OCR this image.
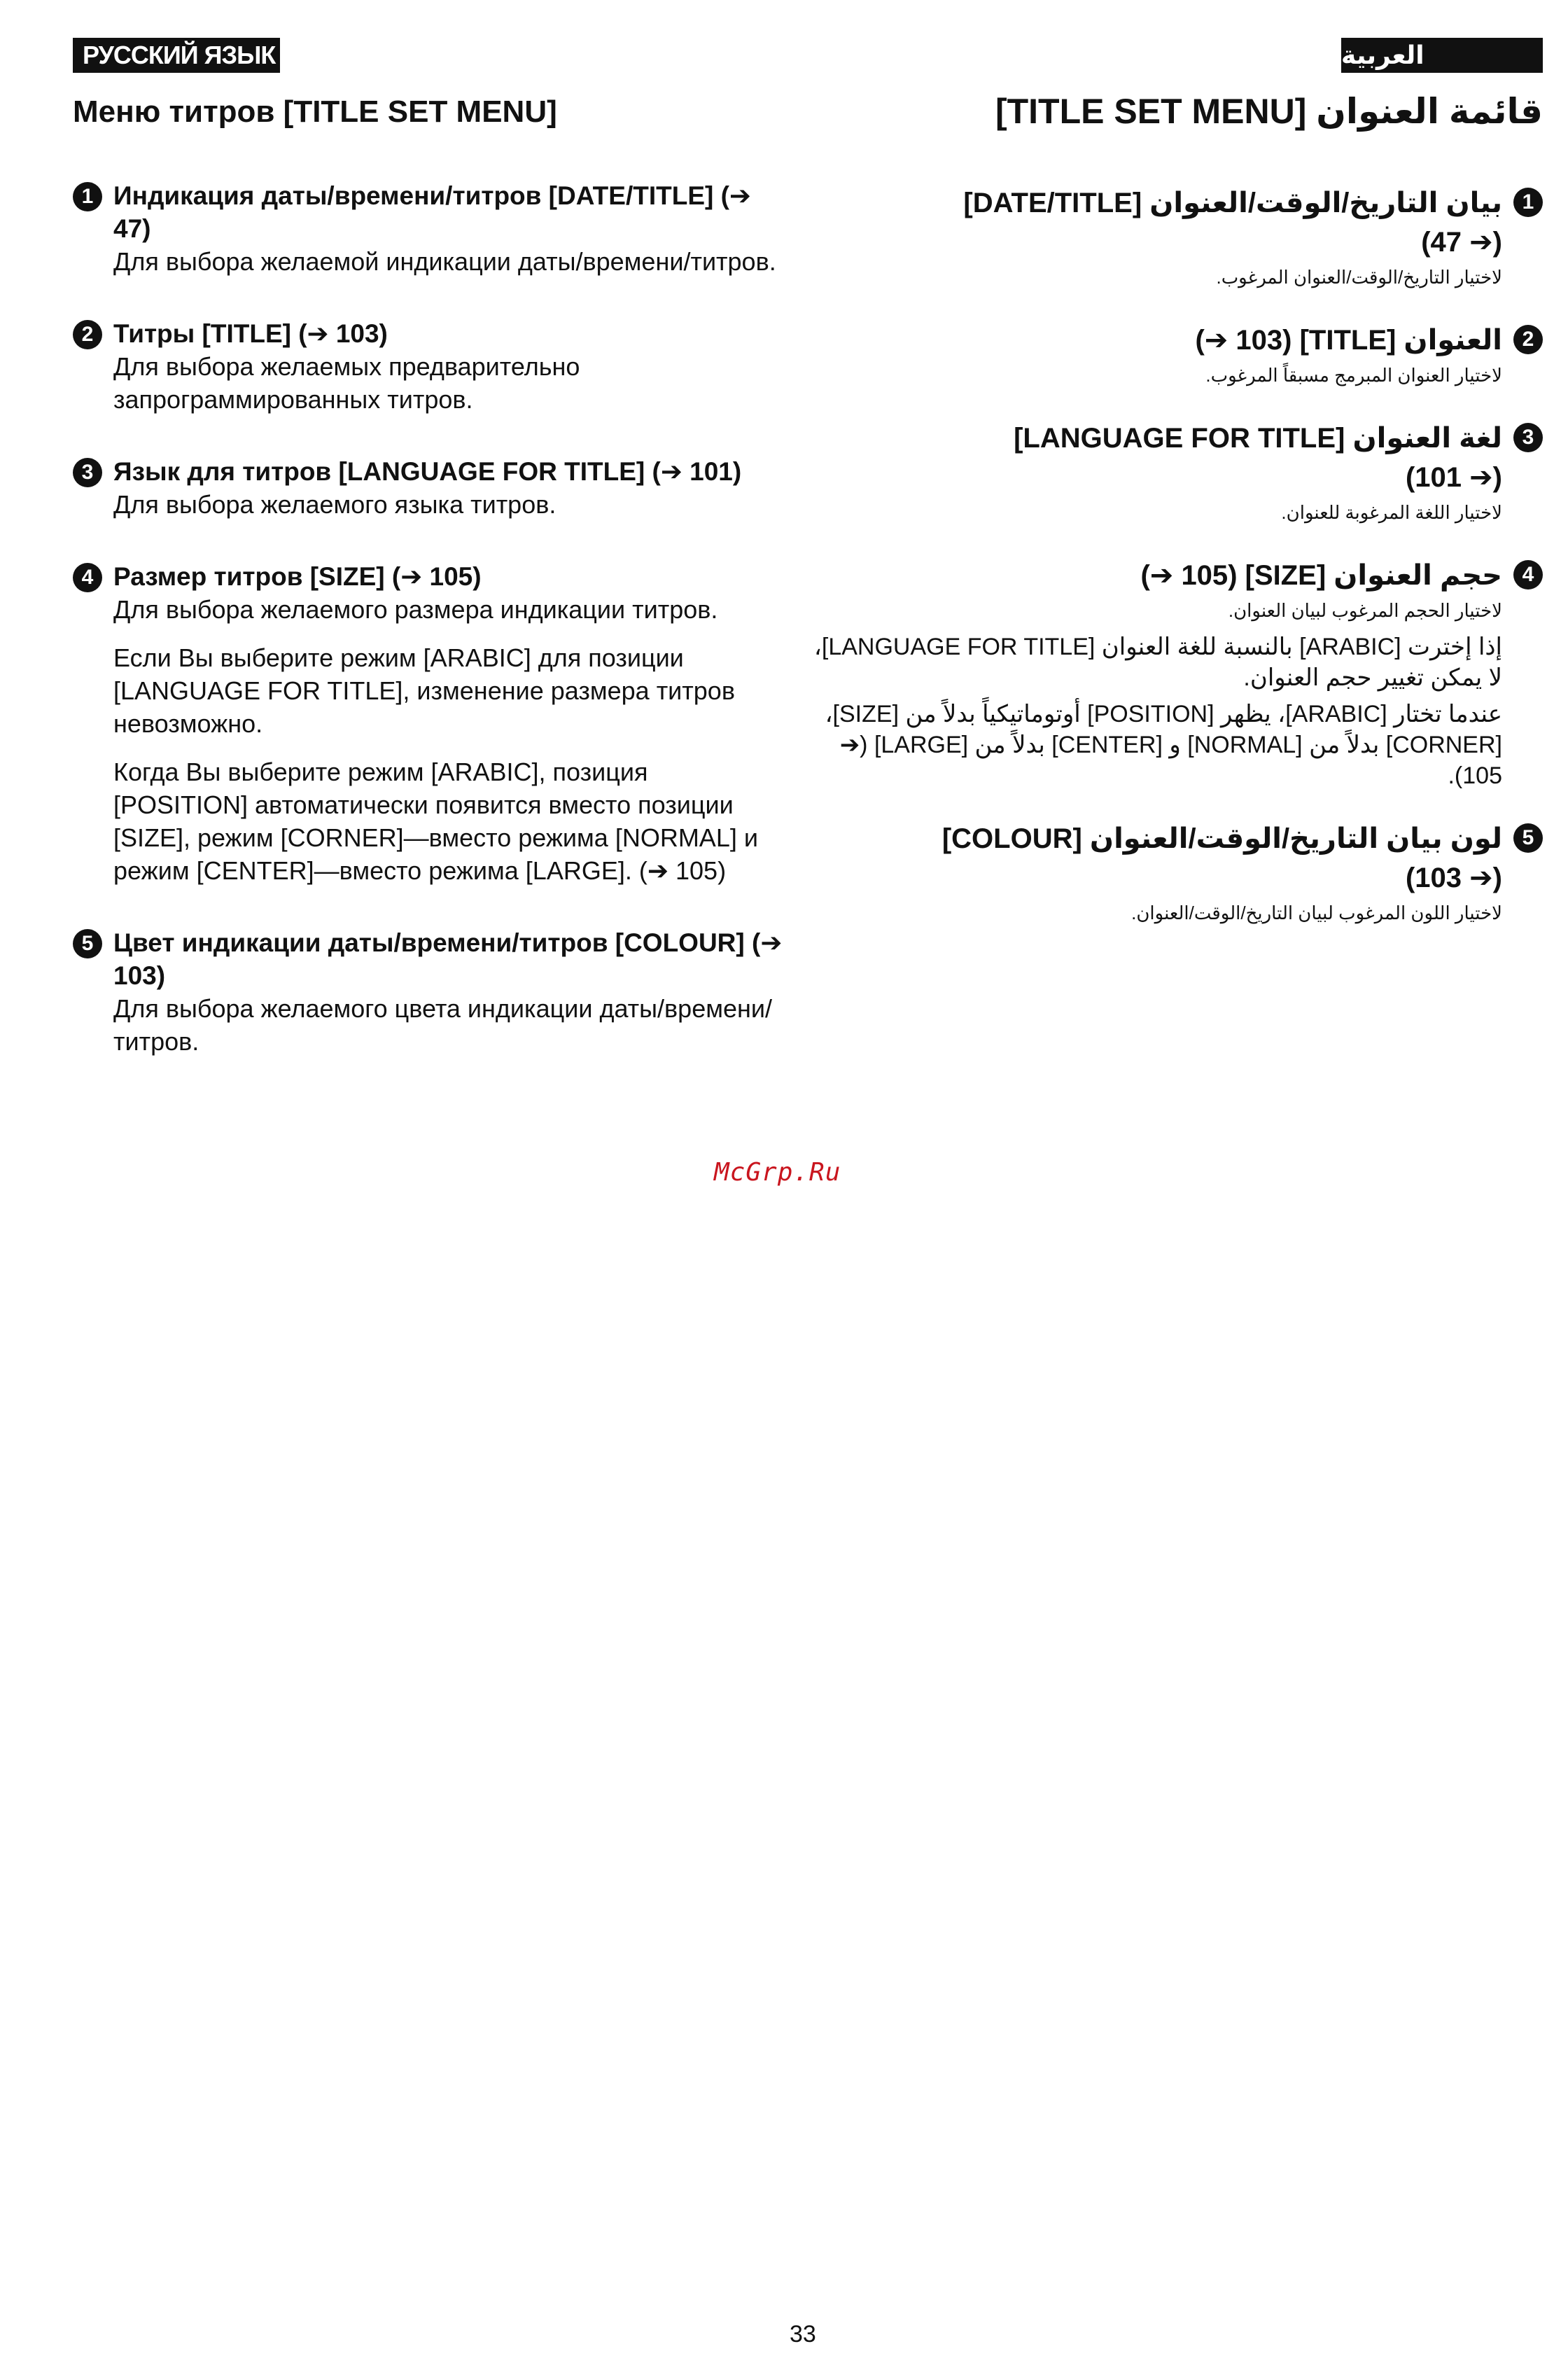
РУССКИЙ ЯЗЫК	العربية
Меню титров [TITLE SET MENU]
1 Индикация даты/времени/титров [DATE/TITLE] (➔ 47)

Для выбора желаемой индикации даты/времени/титров.

2 Титры [TITLE] (➔ 103)

Для выбора желаемых предварительно запрограммированных титров.

3 Язык для титров [LANGUAGE FOR TITLE] (➔ 101)

Для выбора желаемого языка титров.

4 Размер титров [SIZE] (➔ 105)

Для выбора желаемого размера индикации титров.

Если Вы выберите режим [ARABIC] для позиции [LANGUAGE FOR TITLE], изменение размера титров невозможно.

Когда Вы выберите режим [ARABIC], позиция [POSITION] автоматически появится вместо позиции [SIZE], режим [CORNER]—вместо режима [NORMAL] и режим [CENTER]—вместо режима [LARGE]. (➔ 105)

5 Цвет индикации даты/времени/титров [COLOUR] (➔ 103)

Для выбора желаемого цвета индикации даты/времени/титров.

قائمة العنوان [TITLE SET MENU]
1
بيان التاريخ/الوقت/العنوان [DATE/TITLE]
(➔ 47)

لاختيار التاريخ/الوقت/العنوان المرغوب.

2
العنوان [TITLE] (103 ➔)

لاختيار العنوان المبرمج مسبقاً المرغوب.

3
لغة العنوان [LANGUAGE FOR TITLE]
(➔ 101)

لاختيار اللغة المرغوبة للعنوان.

4
حجم العنوان [SIZE] (105 ➔)

لاختيار الحجم المرغوب لبيان العنوان.

إذا إخترت [ARABIC] بالنسبة للغة العنوان [LANGUAGE FOR TITLE]، لا يمكن تغيير حجم العنوان.

عندما تختار [ARABIC]، يظهر [POSITION] أوتوماتيكياً بدلاً من [SIZE]، [CORNER] بدلاً من [NORMAL] و [CENTER] بدلاً من [LARGE] (➔ 105).

5
لون بيان التاريخ/الوقت/العنوان [COLOUR]
(➔ 103)

لاختيار اللون المرغوب لبيان التاريخ/الوقت/العنوان.

McGrp.Ru
33
